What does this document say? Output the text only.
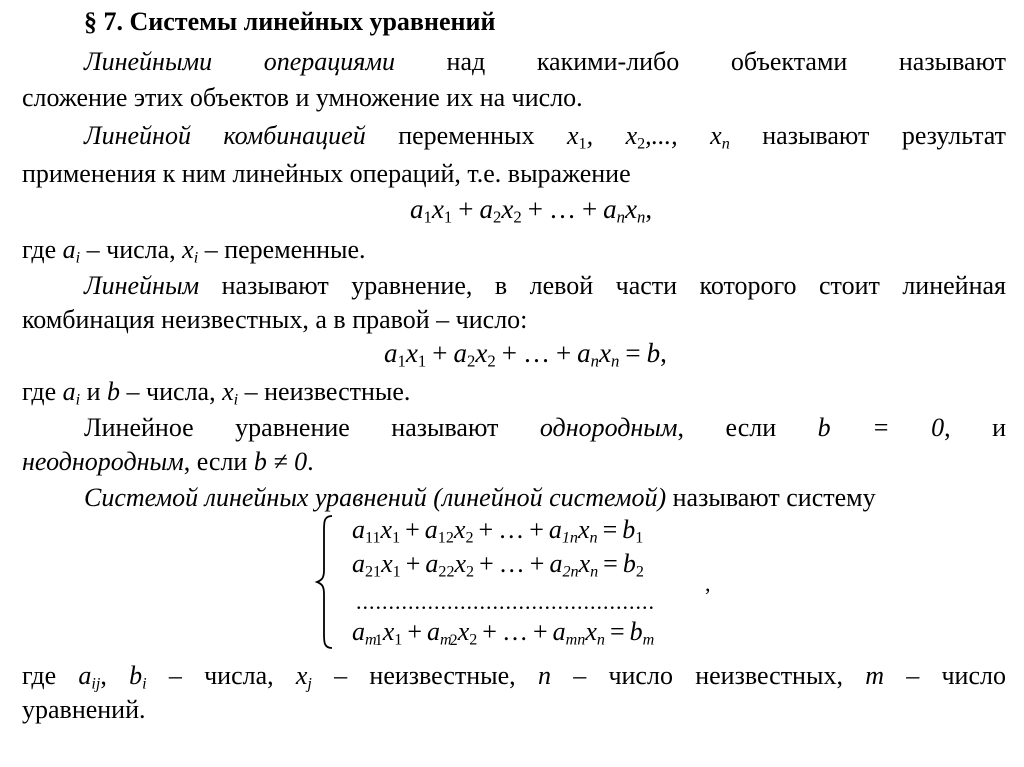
§ 7. Системы линейных уравнений
Линейными операциями над какими-либо объектами называют
сложение этих объектов и умножение их на число.
Линейной комбинацией переменных $x_1$, $x_2$,..., $x_n$ называют результат
применения к ним линейных операций, т.е. выражение
$a_1x_1 + a_2x_2$ + … + $a_nx_n$,
где $a_i$ – числа, $x_i$ – переменные.
Линейным называют уравнение, в левой части которого стоит линейная
комбинация неизвестных, а в правой – число:
$a_1x_1 + a_2x_2$ + … + $a_nx_n = b$,
где $a_i$ и b – числа, $x_i$ – неизвестные.
Линейное уравнение называют однородным, если b = 0, и
неоднородным, если b ≠ 0.
Системой линейных уравнений (линейной системой) называют систему
$a_{11}x_1 + a_{12}x_2$ + … + $a_{1n}x_n = b_1$
$a_{21}x_1 + a_{22}x_2$ + … + $a_{2n}x_n = b_2$
..............................................
,
$a_{m1}x_1 + a_{m2}x_2$ + … + $a_{mn}x_n = b_m$
где $a_{ij}$, $b_i$ – числа, $x_j$ – неизвестные, n – число неизвестных, m – число
уравнений.
